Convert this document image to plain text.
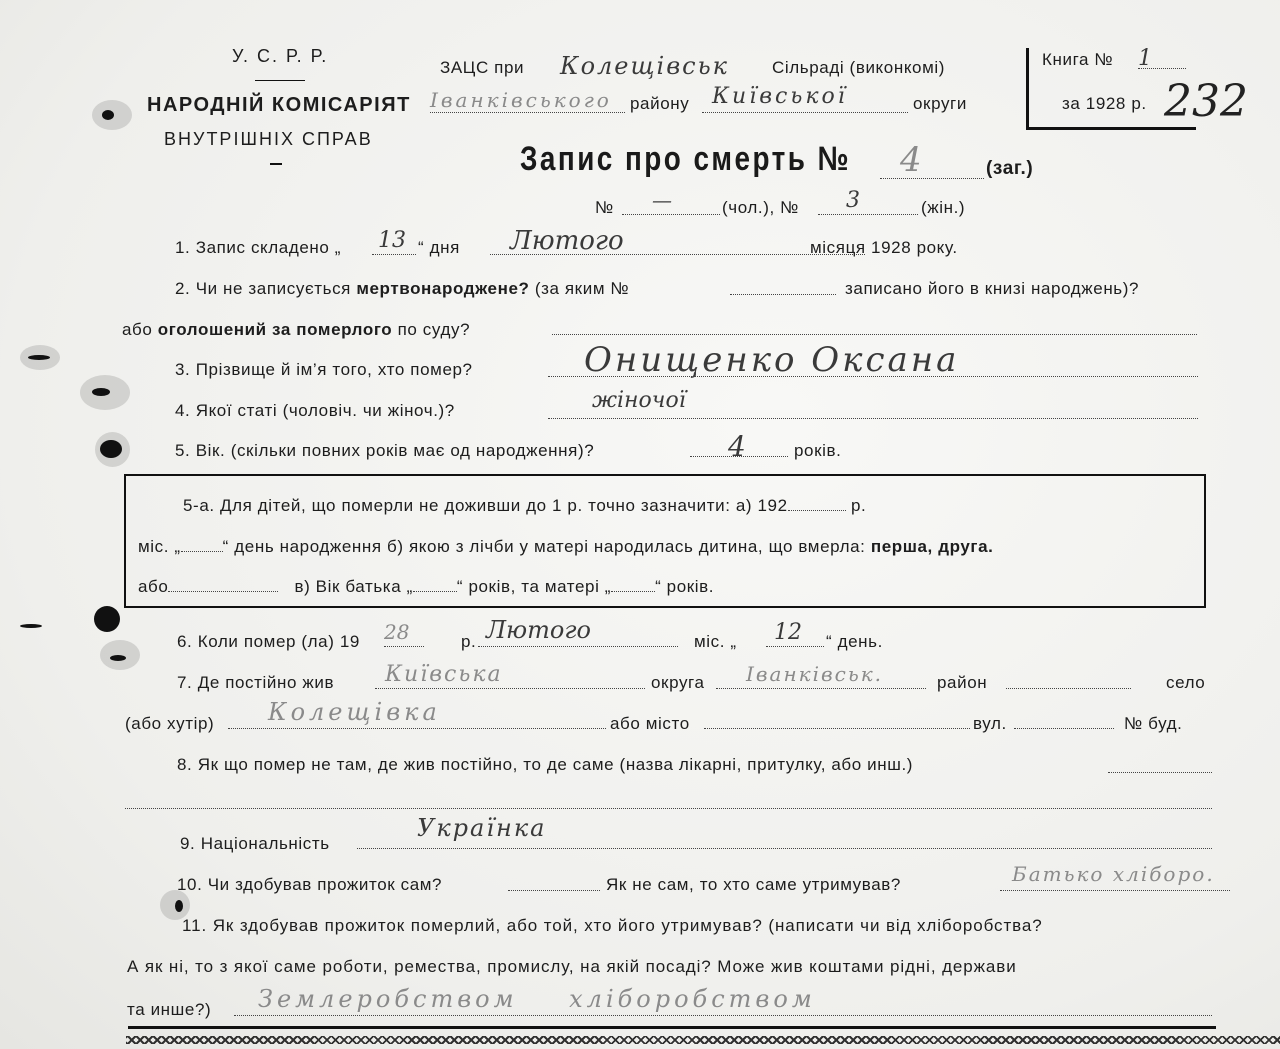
У. С. Р. Р.
НАРОДНІЙ КОМІСАРІЯТ
ВНУТРІШНІХ СПРАВ
ЗАЦС при Колещівськ	Сільраді (виконкомі)
Іванківського	району	Київської	округи
Книга № 1
за 1928 р. 232
Запис про смерть №	4	(заг.)
№	—	(чол.), №	3	(жін.)
1. Запис складено „ 13 “ дня	Лютого	місяця 1928 року.
2. Чи не записується мертвонароджене? (за яким №	записано його в книзі народжень)?
або оголошений за померлого по суду?
3. Прізвище й ім’я того, хто помер?	Онищенко Оксана
4. Якої статі (чоловіч. чи жіноч.)?	жіночої
5. Вік. (скільки повних років має од народження)?	4	років.
5-а. Для дітей, що померли не доживши до 1 р. точно зазначити: а) 192	р.
міс. „ “ день народження б) якою з лічби у матері народилась дитина, що вмерла: перша, друга.
або	в) Вік батька „	“ років, та матері „	“ років.
6. Коли помер (ла) 19 28	р. Лютого	міс. „	12	“ день.
7. Де постійно жив	Київська	округа	Іванківськ.	район	село
(або хутір)	Колещівка	або місто	вул.	№ буд.
8. Як що помер не там, де жив постійно, то де саме (назва лікарні, притулку, або инш.)
9. Національність
Українка
10. Чи здобував прожиток сам?	Як не сам, то хто саме утримував?	Батько хліборо.
11. Як здобував прожиток померлий, або той, хто його утримував? (написати чи від хліборобства?
А як ні, то з якої саме роботи, ремества, промислу, на якій посаді? Може жив коштами рідні, держави
та инше?)	Землеробством хліборобством
